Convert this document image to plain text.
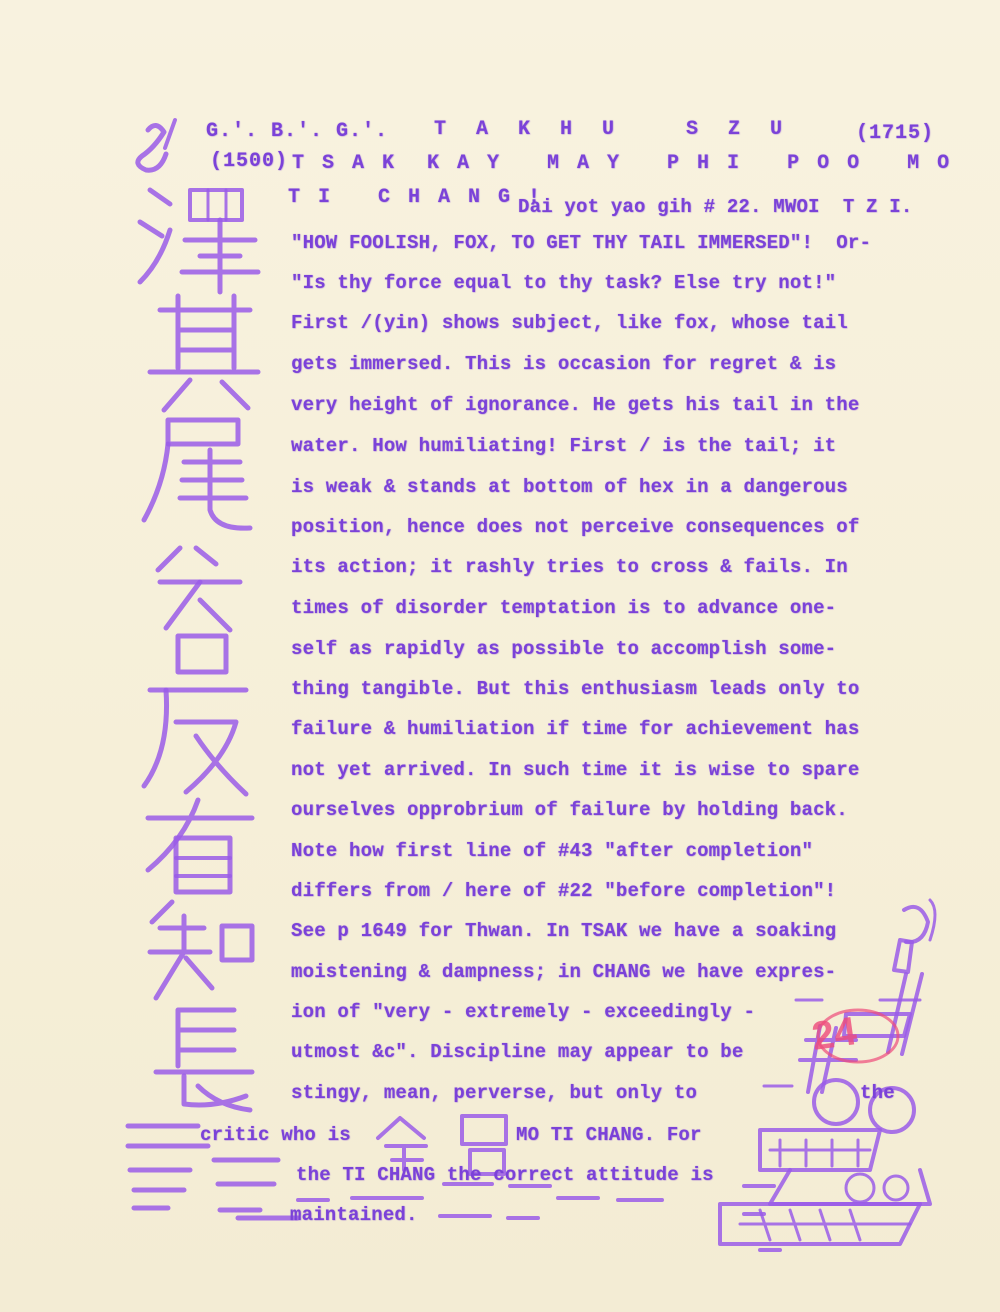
24
G.'. B.'. G.'. T A K H U   S Z U	(1715)
(1500) T S A K  K A Y   M A Y   P H I   P O O   M O
T I   C H A N G !
Dai yot yao gih # 22. MWOI  T Z I.
"HOW FOOLISH, FOX, TO GET THY TAIL IMMERSED"!  Or-
"Is thy force equal to thy task? Else try not!"
First /(yin) shows subject, like fox, whose tail
gets immersed. This is occasion for regret & is
very height of ignorance. He gets his tail in the
water. How humiliating! First / is the tail; it
is weak & stands at bottom of hex in a dangerous
position, hence does not perceive consequences of
its action; it rashly tries to cross & fails. In
times of disorder temptation is to advance one-
self as rapidly as possible to accomplish some-
thing tangible. But this enthusiasm leads only to
failure & humiliation if time for achievement has
not yet arrived. In such time it is wise to spare
ourselves opprobrium of failure by holding back.
Note how first line of #43 "after completion"
differs from / here of #22 "before completion"!
See p 1649 for Thwan. In TSAK we have a soaking
moistening & dampness; in CHANG we have expres-
ion of "very - extremely - exceedingly -
utmost &c". Discipline may appear to be
stingy, mean, perverse, but only to	the
critic who is	MO TI CHANG. For
the TI CHANG the correct attitude is
maintained.
